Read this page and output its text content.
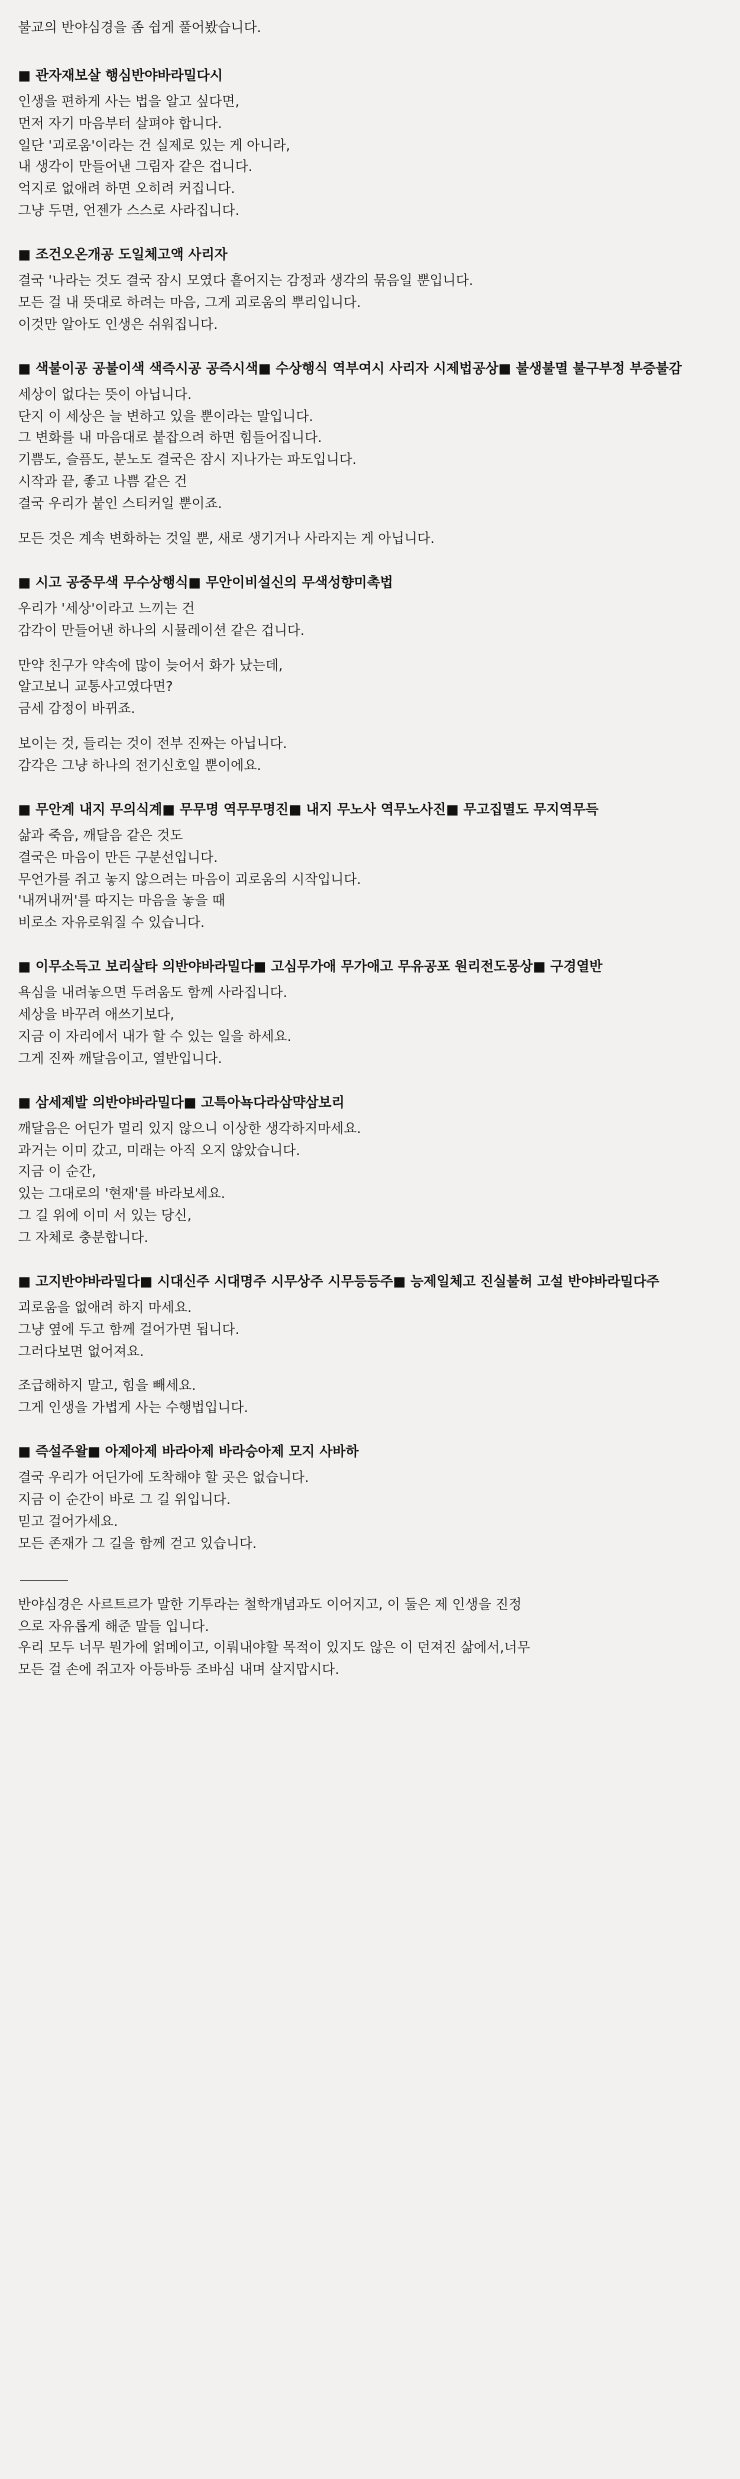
불교의 반야심경을 좀 쉽게 풀어봤습니다.
■ 관자재보살 행심반야바라밀다시

인생을 편하게 사는 법을 알고 싶다면,

먼저 자기 마음부터 살펴야 합니다.

일단 '괴로움'이라는 건 실제로 있는 게 아니라,

내 생각이 만들어낸 그림자 같은 겁니다.

억지로 없애려 하면 오히려 커집니다.

그냥 두면, 언젠가 스스로 사라집니다.

■ 조건오온개공 도일체고액 사리자

결국 '나라는 것도 결국 잠시 모였다 흩어지는 감정과 생각의 묶음일 뿐입니다.

모든 걸 내 뜻대로 하려는 마음, 그게 괴로움의 뿌리입니다.

이것만 알아도 인생은 쉬워집니다.

■ 색불이공 공불이색 색즉시공 공즉시색■ 수상행식 역부여시 사리자 시제법공상■ 불생불멸 불구부정 부증불감

세상이 없다는 뜻이 아닙니다.

단지 이 세상은 늘 변하고 있을 뿐이라는 말입니다.

그 변화를 내 마음대로 붙잡으려 하면 힘들어집니다.

기쁨도, 슬픔도, 분노도 결국은 잠시 지나가는 파도입니다.

시작과 끝, 좋고 나쁨 같은 건

결국 우리가 붙인 스티커일 뿐이죠.

모든 것은 계속 변화하는 것일 뿐, 새로 생기거나 사라지는 게 아닙니다.

■ 시고 공중무색 무수상행식■ 무안이비설신의 무색성향미촉법

우리가 '세상'이라고 느끼는 건

감각이 만들어낸 하나의 시뮬레이션 같은 겁니다.

만약 친구가 약속에 많이 늦어서 화가 났는데,

알고보니 교통사고였다면?

금세 감정이 바뀌죠.

보이는 것, 들리는 것이 전부 진짜는 아닙니다.

감각은 그냥 하나의 전기신호일 뿐이에요.

■ 무안계 내지 무의식계■ 무무명 역무무명진■ 내지 무노사 역무노사진■ 무고집멸도 무지역무득

삶과 죽음, 깨달음 같은 것도

결국은 마음이 만든 구분선입니다.

무언가를 쥐고 놓지 않으려는 마음이 괴로움의 시작입니다.

'내꺼내꺼'를 따지는 마음을 놓을 때

비로소 자유로워질 수 있습니다.

■ 이무소득고 보리살타 의반야바라밀다■ 고심무가애 무가애고 무유공포 원리전도몽상■ 구경열반

욕심을 내려놓으면 두려움도 함께 사라집니다.

세상을 바꾸려 애쓰기보다,

지금 이 자리에서 내가 할 수 있는 일을 하세요.

그게 진짜 깨달음이고, 열반입니다.

■ 삼세제발 의반야바라밀다■ 고특아뇩다라삼먁삼보리

깨달음은 어딘가 멀리 있지 않으니 이상한 생각하지마세요.

과거는 이미 갔고, 미래는 아직 오지 않았습니다.

지금 이 순간,

있는 그대로의 '현재'를 바라보세요.

그 길 위에 이미 서 있는 당신,

그 자체로 충분합니다.

■ 고지반야바라밀다■ 시대신주 시대명주 시무상주 시무등등주■ 능제일체고 진실불허 고설 반야바라밀다주

괴로움을 없애려 하지 마세요.

그냥 옆에 두고 함께 걸어가면 됩니다.

그러다보면 없어져요.

조급해하지 말고, 힘을 빼세요.

그게 인생을 가볍게 사는 수행법입니다.

■ 즉설주왈■ 아제아제 바라아제 바라승아제 모지 사바하

결국 우리가 어딘가에 도착해야 할 곳은 없습니다.

지금 이 순간이 바로 그 길 위입니다.

믿고 걸어가세요.

모든 존재가 그 길을 함께 걷고 있습니다.

반야심경은 사르트르가 말한 기투라는 철학개념과도 이어지고, 이 둘은 제 인생을 진정

으로 자유롭게 해준 말들 입니다.

우리 모두 너무 뭔가에 얽메이고, 이뤄내야할 목적이 있지도 않은 이 던져진 삶에서,너무

모든 걸 손에 쥐고자 아등바등 조바심 내며 살지맙시다.
